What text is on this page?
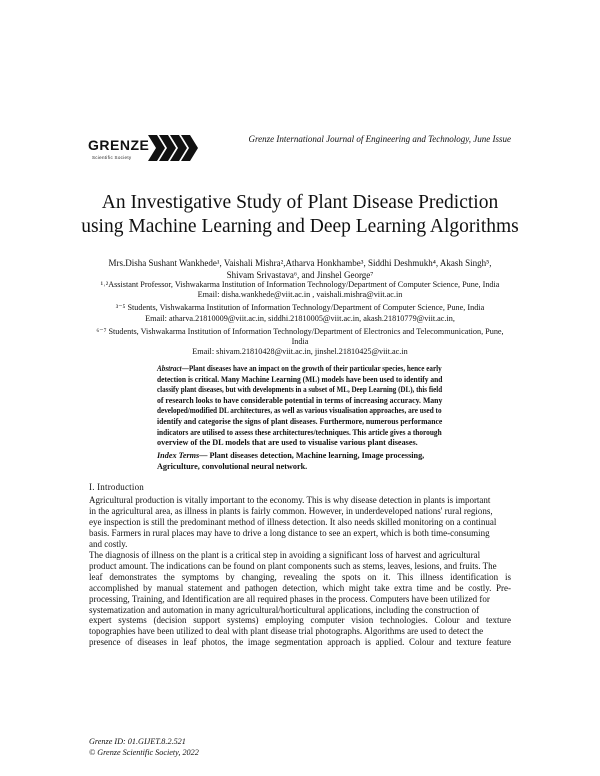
GRENZE
Scientific Society
Grenze International Journal of Engineering and Technology, June Issue
An Investigative Study of Plant Disease Prediction
using Machine Learning and Deep Learning Algorithms
Mrs.Disha Sushant Wankhede¹, Vaishali Mishra²,Atharva Honkhambe³, Siddhi Deshmukh⁴, Akash Singh⁵,
Shivam Srivastava⁶, and Jinshel George⁷
¹˒²Assistant Professor, Vishwakarma Institution of Information Technology/Department of Computer Science, Pune, India
Email: disha.wankhede@viit.ac.in , vaishali.mishra@viit.ac.in
³⁻⁵ Students, Vishwakarma Institution of Information Technology/Department of Computer Science, Pune, India
Email: atharva.21810009@viit.ac.in, siddhi.21810005@viit.ac.in, akash.21810779@viit.ac.in,
⁶⁻⁷ Students, Vishwakarma Institution of Information Technology/Department of Electronics and Telecommunication, Pune,
India
Email: shivam.21810428@viit.ac.in, jinshel.21810425@viit.ac.in
Abstract—Plant diseases have an impact on the growth of their particular species, hence early
detection is critical. Many Machine Learning (ML) models have been used to identify and
classify plant diseases, but with developments in a subset of ML, Deep Learning (DL), this field
of research looks to have considerable potential in terms of increasing accuracy. Many
developed/modified DL architectures, as well as various visualisation approaches, are used to
identify and categorise the signs of plant diseases. Furthermore, numerous performance
indicators are utilised to assess these architectures/techniques. This article gives a thorough
overview of the DL models that are used to visualise various plant diseases.
Index Terms— Plant diseases detection, Machine learning, Image processing, Agriculture, convolutional neural network.
I. Introduction
Agricultural production is vitally important to the economy. This is why disease detection in plants is important
in the agricultural area, as illness in plants is fairly common. However, in underdeveloped nations' rural regions,
eye inspection is still the predominant method of illness detection. It also needs skilled monitoring on a continual
basis. Farmers in rural places may have to drive a long distance to see an expert, which is both time-consuming
and costly.
The diagnosis of illness on the plant is a critical step in avoiding a significant loss of harvest and agricultural
product amount. The indications can be found on plant components such as stems, leaves, lesions, and fruits. The
leaf demonstrates the symptoms by changing, revealing the spots on it. This illness identification is
accomplished by manual statement and pathogen detection, which might take extra time and be costly. Pre-
processing, Training, and Identification are all required phases in the process. Computers have been utilized for
systematization and automation in many agricultural/horticultural applications, including the construction of
expert systems (decision support systems) employing computer vision technologies. Colour and texture
topographies have been utilized to deal with plant disease trial photographs. Algorithms are used to detect the
presence of diseases in leaf photos, the image segmentation approach is applied. Colour and texture feature
Grenze ID: 01.GIJET.8.2.521
© Grenze Scientific Society, 2022
